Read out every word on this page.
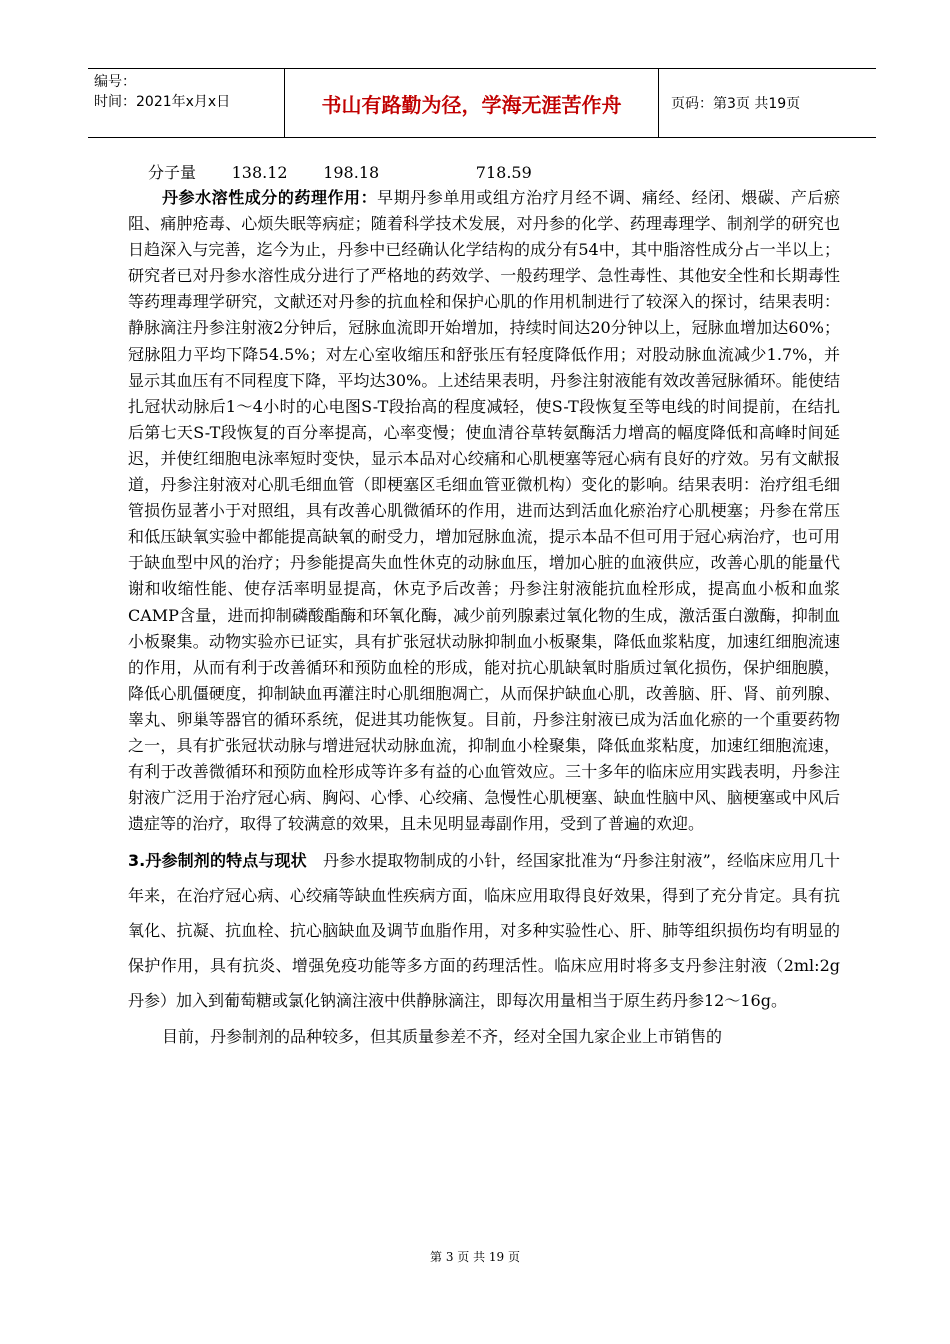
编号：
时间：2021年x月x日	书山有路勤为径，学海无涯苦作舟	页码：第3页 共19页

分子量       138.12       198.18                   718.59

丹参水溶性成分的药理作用：早期丹参单用或组方治疗月经不调、痛经、经闭、煨碳、产后瘀阻、痛肿疮毒、心烦失眠等病症；随着科学技术发展，对丹参的化学、药理毒理学、制剂学的研究也日趋深入与完善，迄今为止，丹参中已经确认化学结构的成分有54中，其中脂溶性成分占一半以上；研究者已对丹参水溶性成分进行了严格地的药效学、一般药理学、急性毒性、其他安全性和长期毒性等药理毒理学研究，文献还对丹参的抗血栓和保护心肌的作用机制进行了较深入的探讨，结果表明：静脉滴注丹参注射液2分钟后，冠脉血流即开始增加，持续时间达20分钟以上，冠脉血增加达60%；冠脉阻力平均下降54.5%；对左心室收缩压和舒张压有轻度降低作用；对股动脉血流减少1.7%，并显示其血压有不同程度下降，平均达30%。上述结果表明，丹参注射液能有效改善冠脉循环。能使结扎冠状动脉后1～4小时的心电图S-T段抬高的程度减轻，使S-T段恢复至等电线的时间提前，在结扎后第七天S-T段恢复的百分率提高，心率变慢；使血清谷草转氨酶活力增高的幅度降低和高峰时间延迟，并使红细胞电泳率短时变快，显示本品对心绞痛和心肌梗塞等冠心病有良好的疗效。另有文献报道，丹参注射液对心肌毛细血管（即梗塞区毛细血管亚微机构）变化的影响。结果表明：治疗组毛细管损伤显著小于对照组，具有改善心肌微循环的作用，进而达到活血化瘀治疗心肌梗塞；丹参在常压和低压缺氧实验中都能提高缺氧的耐受力，增加冠脉血流，提示本品不但可用于冠心病治疗，也可用于缺血型中风的治疗；丹参能提高失血性休克的动脉血压，增加心脏的血液供应，改善心肌的能量代谢和收缩性能、使存活率明显提高，休克予后改善；丹参注射液能抗血栓形成，提高血小板和血浆CAMP含量，进而抑制磷酸酯酶和环氧化酶，减少前列腺素过氧化物的生成，激活蛋白激酶，抑制血小板聚集。动物实验亦已证实，具有扩张冠状动脉抑制血小板聚集，降低血浆粘度，加速红细胞流速的作用，从而有利于改善循环和预防血栓的形成，能对抗心肌缺氧时脂质过氧化损伤，保护细胞膜，降低心肌僵硬度，抑制缺血再灌注时心肌细胞凋亡，从而保护缺血心肌，改善脑、肝、肾、前列腺、睾丸、卵巢等器官的循环系统，促进其功能恢复。目前，丹参注射液已成为活血化瘀的一个重要药物之一，具有扩张冠状动脉与增进冠状动脉血流，抑制血小栓聚集，降低血浆粘度，加速红细胞流速，有利于改善微循环和预防血栓形成等许多有益的心血管效应。三十多年的临床应用实践表明，丹参注射液广泛用于治疗冠心病、胸闷、心悸、心绞痛、急慢性心肌梗塞、缺血性脑中风、脑梗塞或中风后遗症等的治疗，取得了较满意的效果，且未见明显毒副作用，受到了普遍的欢迎。

3.丹参制剂的特点与现状 丹参水提取物制成的小针，经国家批准为“丹参注射液”，经临床应用几十年来，在治疗冠心病、心绞痛等缺血性疾病方面，临床应用取得良好效果，得到了充分肯定。具有抗氧化、抗凝、抗血栓、抗心脑缺血及调节血脂作用，对多种实验性心、肝、肺等组织损伤均有明显的保护作用，具有抗炎、增强免疫功能等多方面的药理活性。临床应用时将多支丹参注射液（2ml:2g丹参）加入到葡萄糖或氯化钠滴注液中供静脉滴注，即每次用量相当于原生药丹参12～16g。

目前，丹参制剂的品种较多，但其质量参差不齐，经对全国九家企业上市销售的

第 3 页 共 19 页
